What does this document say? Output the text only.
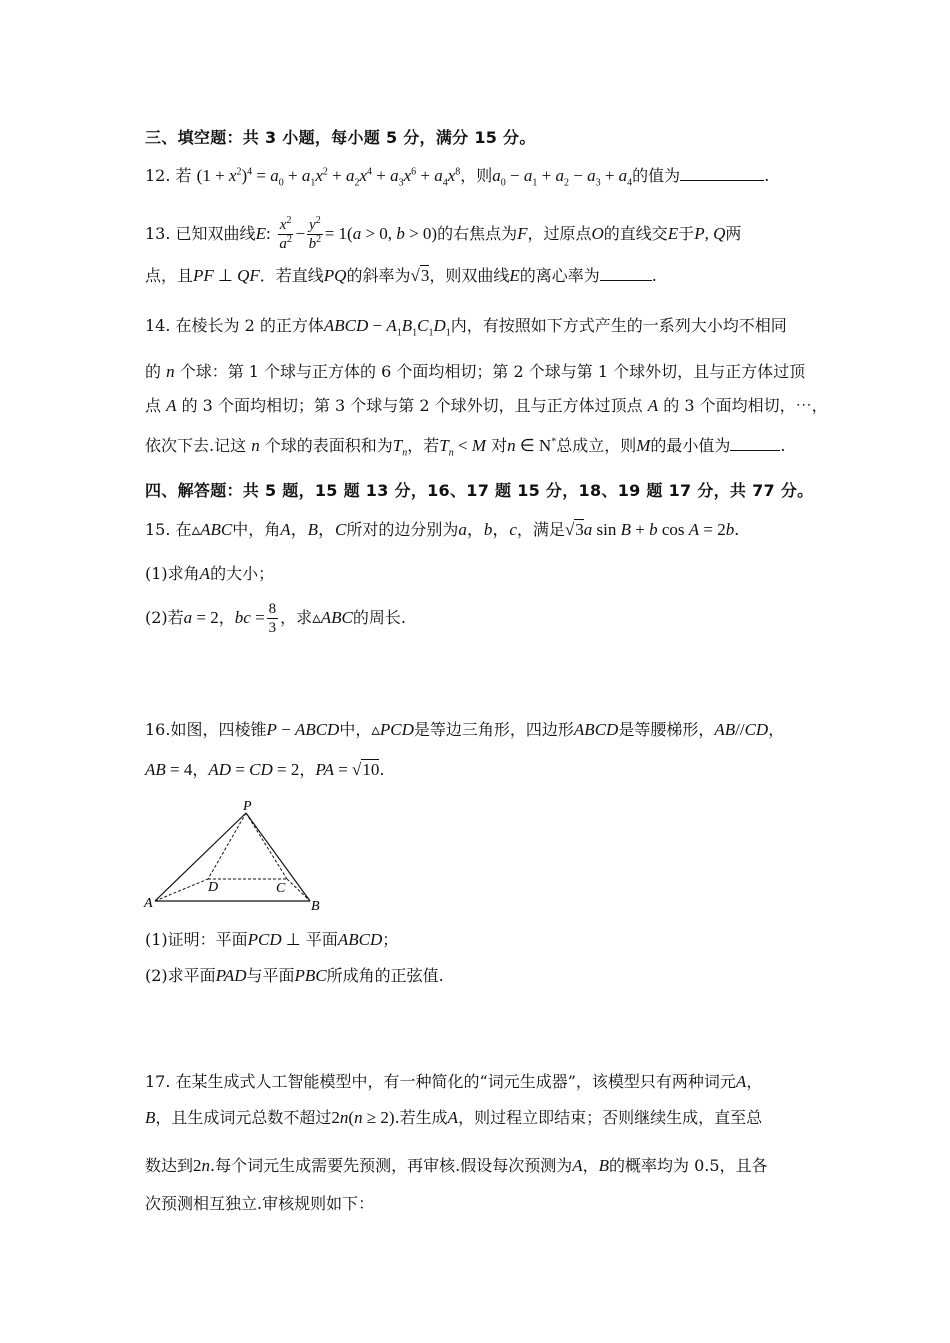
三、填空题：共 3 小题，每小题 5 分，满分 15 分。
12. 若 $(1 + x^2)^4 = a_0 + a_1x^2 + a_2x^4 + a_3x^6 + a_4x^8$，则$a_0 - a_1 + a_2 - a_3 + a_4$的值为	.
13. 已知双曲线E: $\frac{x^2}{a^2} - \frac{y^2}{b^2} = 1(a > 0$, b > 0)的右焦点为F，过原点O的直线交E于P, Q两
点，且PF ⊥ QF．若直线PQ的斜率为√3，则双曲线E的离心率为	.
14. 在棱长为 2 的正方体ABCD − $A_1B_1C_1D_1$内，有按照如下方式产生的一系列大小均不相同
的 n 个球：第 1 个球与正方体的 6 个面均相切；第 2 个球与第 1 个球外切，且与正方体过顶
点 A 的 3 个面均相切；第 3 个球与第 2 个球外切，且与正方体过顶点 A 的 3 个面均相切，⋯，
依次下去.记这 n 个球的表面积和为$T_n$，若$T_n < M$ 对n ∈ N*总成立，则M的最小值为	.
四、解答题：共 5 题，15 题 13 分，16、17 题 15 分，18、19 题 17 分，共 77 分。
15. 在▵ABC中，角A，B，C所对的边分别为a，b，c，满足√3a sin B + b cos A = 2b.
(1)求角A的大小；
(2)若a = 2，bc = $\frac{8}{3}$ ，求▵ABC的周长.
16.如图，四棱锥P − ABCD中，▵PCD是等边三角形，四边形ABCD是等腰梯形，AB//CD，
AB = 4，AD = CD = 2，PA = √10.
P
A	B
C
D
(1)证明：平面PCD ⊥ 平面ABCD；
(2)求平面PAD与平面PBC所成角的正弦值.
17. 在某生成式人工智能模型中，有一种简化的“词元生成器”，该模型只有两种词元A，
B，且生成词元总数不超过2n(n ≥ 2).若生成A，则过程立即结束；否则继续生成，直至总
数达到2n.每个词元生成需要先预测，再审核.假设每次预测为A，B的概率均为 0.5，且各
次预测相互独立.审核规则如下：
